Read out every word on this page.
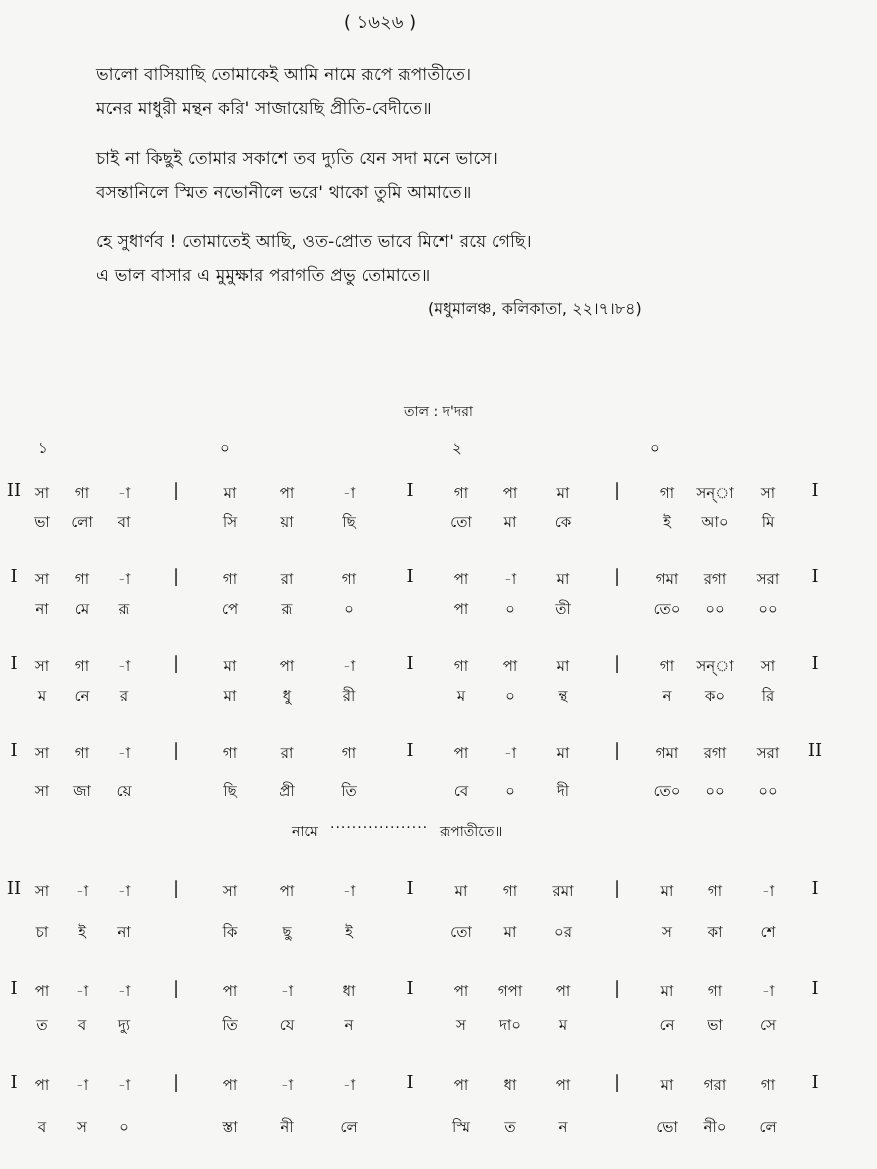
( ১৬২৬ )
ভালো বাসিয়াছি তোমাকেই আমি নামে রূপে রূপাতীতে।
মনের মাধুরী মন্থন করি' সাজায়েছি প্রীতি-বেদীতে॥
চাই না কিছুই তোমার সকাশে তব দ্যুতি যেন সদা মনে ভাসে।
বসন্তানিলে স্মিত নভোনীলে ভরে' থাকো তুমি আমাতে॥
হে সুধার্ণব ! তোমাতেই আছি, ওত-প্রোত ভাবে মিশে' রয়ে গেছি।
এ ভাল বাসার এ মুমুক্ষার পরাগতি প্রভু তোমাতে॥
(মধুমালঞ্চ, কলিকাতা, ২২।৭।৮৪)
তাল : দ'দরা
১	০	২	০
II সা গা -া |	মা	পা	-া	I	গা পা	মা |	গা সন্‌া সা I
ভা লো বা	সি	য়া	ছি	তো মা	কে	ই আ০ মি
I সা গা -া |	গা	রা	গা	I	পা -া	মা | গমা রগা সরা I
না মে রূ	পে	রূ	০	পা ০	তী	তে০ ০০ ০০
I সা গা -া |	মা	পা	-া	I	গা পা	মা |	গা সন্‌া সা I
ম নে র	মা	ধু	রী	ম	০	ন্থ	ন ক০ রি
I সা গা -া |	গা	রা	গা	I	পা -া	মা | গমা রগা সরা II
সা জা য়ে	ছি	প্রী	তি	বে ০	দী	তে০ ০০ ০০
II সা -া -া |	সা	পা	-া	I	মা গা রমা |	মা গা	-া I
চা ই না	কি	ছু	ই	তো মা	০র	স কা	শে
I পা -া -া |	পা	-া	ধা	I	পা গপা পা |	মা গা	-া I
ত ব দ্যু	তি	যে	ন	স দা০	ম	নে ভা সে
I পা -া -া |	পা	-া	-া	I	পা ধা	পা |	মা গরা গা I
ব স ০	স্তা	নী	লে	স্মি ত	ন	ভো নী০ লে
নামে ·················· রূপাতীতে॥
